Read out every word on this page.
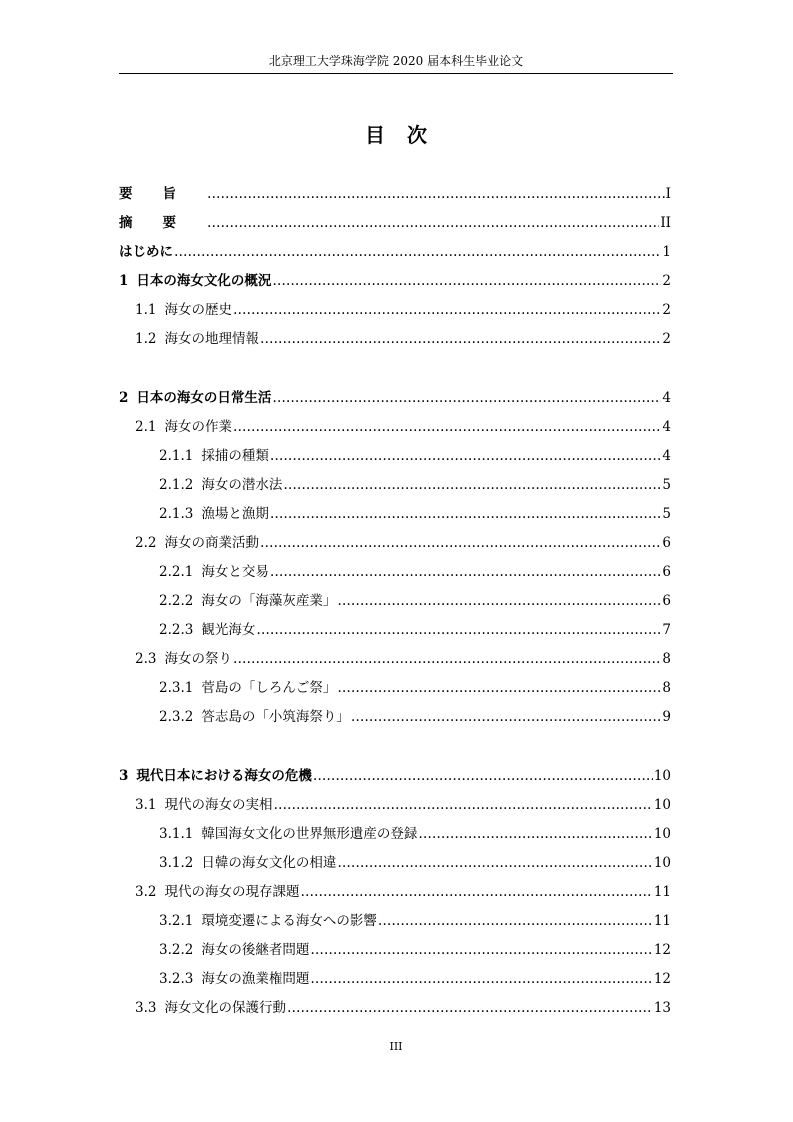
北京理工大学珠海学院 2020 届本科生毕业论文
目次
要旨 …………………………………………………………………………………………………………………………………………………………………………………………………	I
摘要 …………………………………………………………………………………………………………………………………………………………………………………………………	II
はじめに …………………………………………………………………………………………………………………………………………………………………………………………………	1
1 日本の海女文化の概況 …………………………………………………………………………………………………………………………………………………………………………………………………	2
1.1 海女の歴史 …………………………………………………………………………………………………………………………………………………………………………………………………	2
1.2 海女の地理情報 …………………………………………………………………………………………………………………………………………………………………………………………………	2
2 日本の海女の日常生活 …………………………………………………………………………………………………………………………………………………………………………………………………	4
2.1 海女の作業 …………………………………………………………………………………………………………………………………………………………………………………………………	4
2.1.1 採捕の種類 …………………………………………………………………………………………………………………………………………………………………………………………………	4
2.1.2 海女の潜水法 …………………………………………………………………………………………………………………………………………………………………………………………………	5
2.1.3 漁場と漁期 …………………………………………………………………………………………………………………………………………………………………………………………………	5
2.2 海女の商業活動 …………………………………………………………………………………………………………………………………………………………………………………………………	6
2.2.1 海女と交易 …………………………………………………………………………………………………………………………………………………………………………………………………	6
2.2.2 海女の「海藻灰産業」 …………………………………………………………………………………………………………………………………………………………………………………………………	6
2.2.3 観光海女 …………………………………………………………………………………………………………………………………………………………………………………………………	7
2.3 海女の祭り …………………………………………………………………………………………………………………………………………………………………………………………………	8
2.3.1 菅島の「しろんご祭」 …………………………………………………………………………………………………………………………………………………………………………………………………	8
2.3.2 答志島の「小筑海祭り」 …………………………………………………………………………………………………………………………………………………………………………………………………	9
3 現代日本における海女の危機 …………………………………………………………………………………………………………………………………………………………………………………………………	10
3.1 現代の海女の実相 …………………………………………………………………………………………………………………………………………………………………………………………………	10
3.1.1 韓国海女文化の世界無形遺産の登録 …………………………………………………………………………………………………………………………………………………………………………………………………	10
3.1.2 日韓の海女文化の相違 …………………………………………………………………………………………………………………………………………………………………………………………………	10
3.2 現代の海女の現存課題 …………………………………………………………………………………………………………………………………………………………………………………………………	11
3.2.1 環境変遷による海女への影響 …………………………………………………………………………………………………………………………………………………………………………………………………	11
3.2.2 海女の後継者問題 …………………………………………………………………………………………………………………………………………………………………………………………………	12
3.2.3 海女の漁業権問題 …………………………………………………………………………………………………………………………………………………………………………………………………	12
3.3 海女文化の保護行動 …………………………………………………………………………………………………………………………………………………………………………………………………	13
III
